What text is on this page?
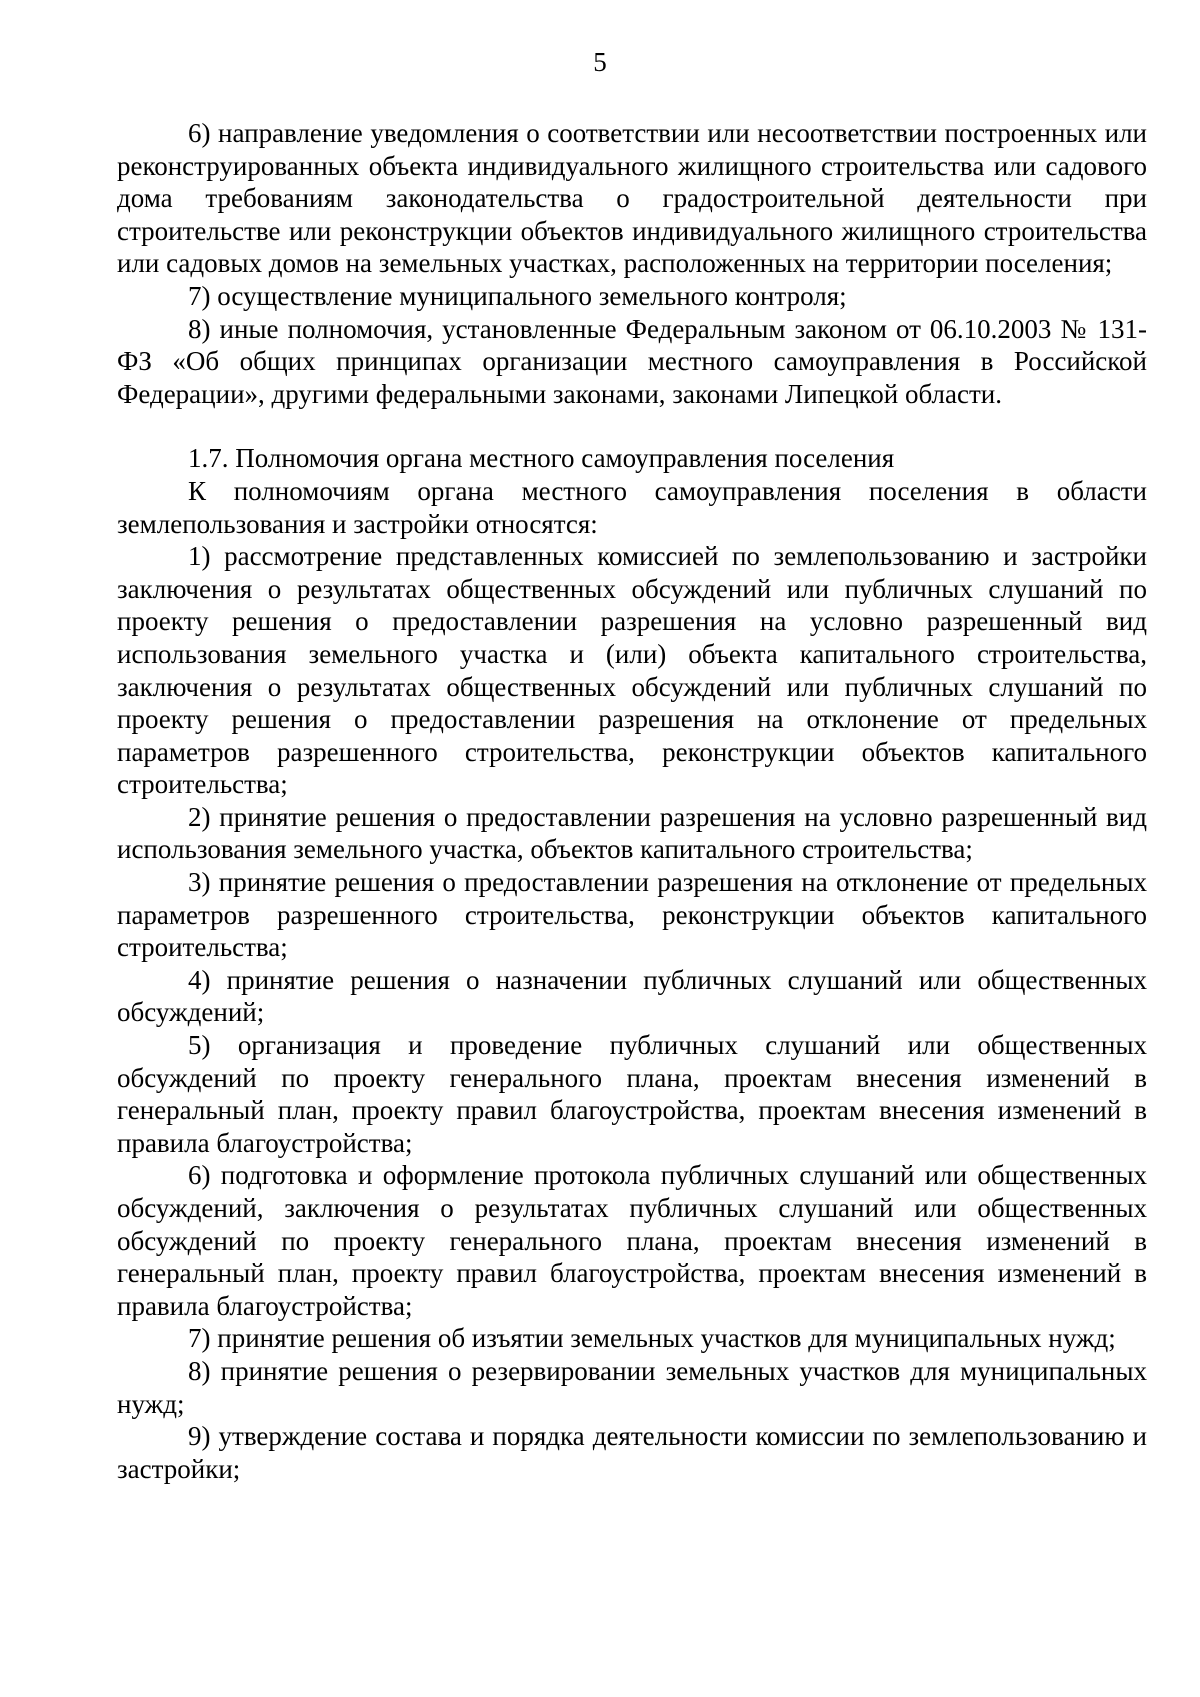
5

6) направление уведомления о соответствии или несоответствии построенных или реконструированных объекта индивидуального жилищного строительства или садового дома требованиям законодательства о градостроительной деятельности при строительстве или реконструкции объектов индивидуального жилищного строительства или садовых домов на земельных участках, расположенных на территории поселения;

7) осуществление муниципального земельного контроля;

8) иные полномочия, установленные Федеральным законом от 06.10.2003 № 131-ФЗ «Об общих принципах организации местного самоуправления в Российской Федерации», другими федеральными законами, законами Липецкой области.

1.7. Полномочия органа местного самоуправления поселения

К полномочиям органа местного самоуправления поселения в области землепользования и застройки относятся:

1) рассмотрение представленных комиссией по землепользованию и застройки заключения о результатах общественных обсуждений или публичных слушаний по проекту решения о предоставлении разрешения на условно разрешенный вид использования земельного участка и (или) объекта капитального строительства, заключения о результатах общественных обсуждений или публичных слушаний по проекту решения о предоставлении разрешения на отклонение от предельных параметров разрешенного строительства, реконструкции объектов капитального строительства;

2) принятие решения о предоставлении разрешения на условно разрешенный вид использования земельного участка, объектов капитального строительства;

3) принятие решения о предоставлении разрешения на отклонение от предельных параметров разрешенного строительства, реконструкции объектов капитального строительства;

4) принятие решения о назначении публичных слушаний или общественных обсуждений;

5) организация и проведение публичных слушаний или общественных обсуждений по проекту генерального плана, проектам внесения изменений в генеральный план, проекту правил благоустройства, проектам внесения изменений в правила благоустройства;

6) подготовка и оформление протокола публичных слушаний или общественных обсуждений, заключения о результатах публичных слушаний или общественных обсуждений по проекту генерального плана, проектам внесения изменений в генеральный план, проекту правил благоустройства, проектам внесения изменений в правила благоустройства;

7) принятие решения об изъятии земельных участков для муниципальных нужд;

8) принятие решения о резервировании земельных участков для муниципальных нужд;

9) утверждение состава и порядка деятельности комиссии по землепользованию и застройки;
